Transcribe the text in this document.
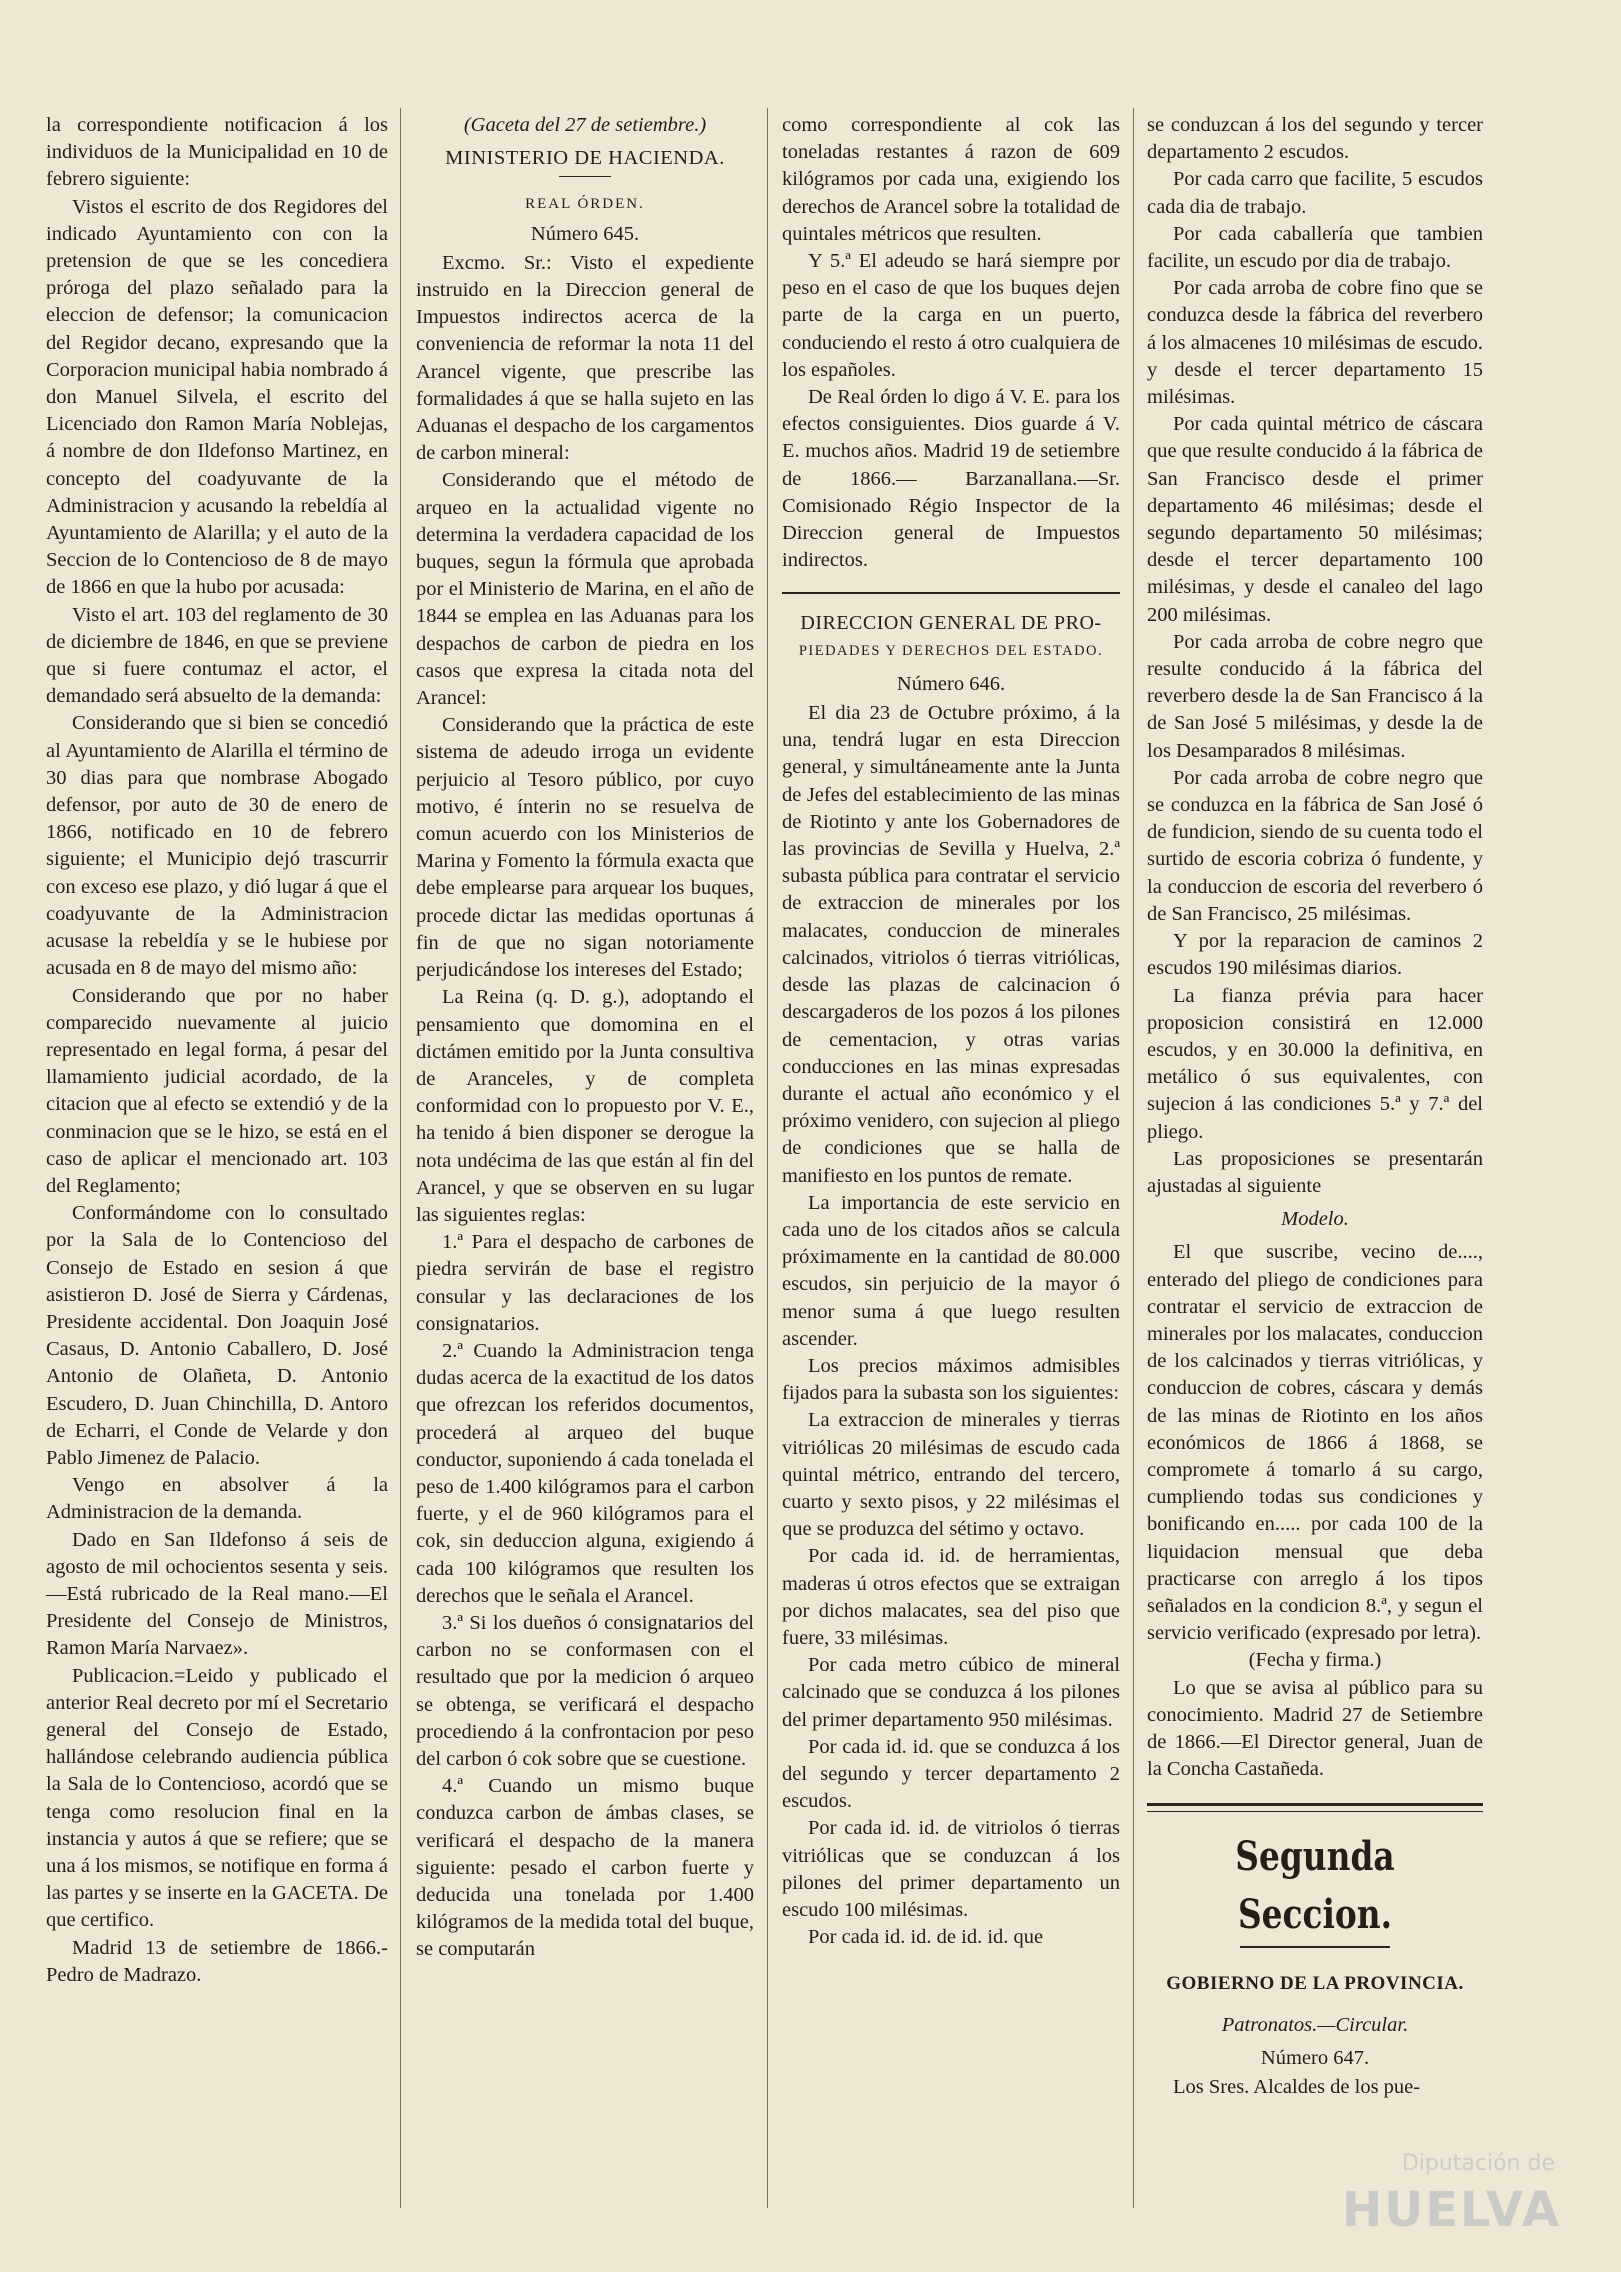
la correspondiente notificacion á los individuos de la Municipalidad en 10 de febrero siguiente:

Vistos el escrito de dos Regidores del indicado Ayuntamiento con con la pretension de que se les concediera próroga del plazo señalado para la eleccion de defensor; la comunicacion del Regidor decano, expresando que la Corporacion municipal habia nombrado á don Manuel Silvela, el escrito del Licenciado don Ramon María Noblejas, á nombre de don Ildefonso Martinez, en concepto del coadyuvante de la Administracion y acusando la rebeldía al Ayuntamiento de Alarilla; y el auto de la Seccion de lo Contencioso de 8 de mayo de 1866 en que la hubo por acusada:

Visto el art. 103 del reglamento de 30 de diciembre de 1846, en que se previene que si fuere contumaz el actor, el demandado será absuelto de la demanda:

Considerando que si bien se concedió al Ayuntamiento de Alarilla el término de 30 dias para que nombrase Abogado defensor, por auto de 30 de enero de 1866, notificado en 10 de febrero siguiente; el Municipio dejó trascurrir con exceso ese plazo, y dió lugar á que el coadyuvante de la Administracion acusase la rebeldía y se le hubiese por acusada en 8 de mayo del mismo año:

Considerando que por no haber comparecido nuevamente al juicio representado en legal forma, á pesar del llamamiento judicial acordado, de la citacion que al efecto se extendió y de la conminacion que se le hizo, se está en el caso de aplicar el mencionado art. 103 del Reglamento;

Conformándome con lo consultado por la Sala de lo Contencioso del Consejo de Estado en sesion á que asistieron D. José de Sierra y Cárdenas, Presidente accidental. Don Joaquin José Casaus, D. Antonio Caballero, D. José Antonio de Olañeta, D. Antonio Escudero, D. Juan Chinchilla, D. Antoro de Echarri, el Conde de Velarde y don Pablo Jimenez de Palacio.

Vengo en absolver á la Administracion de la demanda.

Dado en San Ildefonso á seis de agosto de mil ochocientos sesenta y seis.—Está rubricado de la Real mano.—El Presidente del Consejo de Ministros, Ramon María Narvaez».

Publicacion.=Leido y publicado el anterior Real decreto por mí el Secretario general del Consejo de Estado, hallándose celebrando audiencia pública la Sala de lo Contencioso, acordó que se tenga como resolucion final en la instancia y autos á que se refiere; que se una á los mismos, se notifique en forma á las partes y se inserte en la GACETA. De que certifico.

Madrid 13 de setiembre de 1866.- Pedro de Madrazo.

(Gaceta del 27 de setiembre.)

MINISTERIO DE HACIENDA.

REAL ÓRDEN.

Número 645.

Excmo. Sr.: Visto el expediente instruido en la Direccion general de Impuestos indirectos acerca de la conveniencia de reformar la nota 11 del Arancel vigente, que prescribe las formalidades á que se halla sujeto en las Aduanas el despacho de los cargamentos de carbon mineral:

Considerando que el método de arqueo en la actualidad vigente no determina la verdadera capacidad de los buques, segun la fórmula que aprobada por el Ministerio de Marina, en el año de 1844 se emplea en las Aduanas para los despachos de carbon de piedra en los casos que expresa la citada nota del Arancel:

Considerando que la práctica de este sistema de adeudo irroga un evidente perjuicio al Tesoro público, por cuyo motivo, é ínterin no se resuelva de comun acuerdo con los Ministerios de Marina y Fomento la fórmula exacta que debe emplearse para arquear los buques, procede dictar las medidas oportunas á fin de que no sigan notoriamente perjudicándose los intereses del Estado;

La Reina (q. D. g.), adoptando el pensamiento que domomina en el dictámen emitido por la Junta consultiva de Aranceles, y de completa conformidad con lo propuesto por V. E., ha tenido á bien disponer se derogue la nota undécima de las que están al fin del Arancel, y que se observen en su lugar las siguientes reglas:

1.ª Para el despacho de carbones de piedra servirán de base el registro consular y las declaraciones de los consignatarios.

2.ª Cuando la Administracion tenga dudas acerca de la exactitud de los datos que ofrezcan los referidos documentos, procederá al arqueo del buque conductor, suponiendo á cada tonelada el peso de 1.400 kilógramos para el carbon fuerte, y el de 960 kilógramos para el cok, sin deduccion alguna, exigiendo á cada 100 kilógramos que resulten los derechos que le señala el Arancel.

3.ª Si los dueños ó consignatarios del carbon no se conformasen con el resultado que por la medicion ó arqueo se obtenga, se verificará el despacho procediendo á la confrontacion por peso del carbon ó cok sobre que se cuestione.

4.ª Cuando un mismo buque conduzca carbon de ámbas clases, se verificará el despacho de la manera siguiente: pesado el carbon fuerte y deducida una tonelada por 1.400 kilógramos de la medida total del buque, se computarán

como correspondiente al cok las toneladas restantes á razon de 609 kilógramos por cada una, exigiendo los derechos de Arancel sobre la totalidad de quintales métricos que resulten.

Y 5.ª El adeudo se hará siempre por peso en el caso de que los buques dejen parte de la carga en un puerto, conduciendo el resto á otro cualquiera de los españoles.

De Real órden lo digo á V. E. para los efectos consiguientes. Dios guarde á V. E. muchos años. Madrid 19 de setiembre de 1866.— Barzanallana.—Sr. Comisionado Régio Inspector de la Direccion general de Impuestos indirectos.

DIRECCION GENERAL DE PRO-

PIEDADES Y DERECHOS DEL ESTADO.

Número 646.

El dia 23 de Octubre próximo, á la una, tendrá lugar en esta Direccion general, y simultáneamente ante la Junta de Jefes del establecimiento de las minas de Riotinto y ante los Gobernadores de las provincias de Sevilla y Huelva, 2.ª subasta pública para contratar el servicio de extraccion de minerales por los malacates, conduccion de minerales calcinados, vitriolos ó tierras vitriólicas, desde las plazas de calcinacion ó descargaderos de los pozos á los pilones de cementacion, y otras varias conducciones en las minas expresadas durante el actual año económico y el próximo venidero, con sujecion al pliego de condiciones que se halla de manifiesto en los puntos de remate.

La importancia de este servicio en cada uno de los citados años se calcula próximamente en la cantidad de 80.000 escudos, sin perjuicio de la mayor ó menor suma á que luego resulten ascender.

Los precios máximos admisibles fijados para la subasta son los siguientes:

La extraccion de minerales y tierras vitriólicas 20 milésimas de escudo cada quintal métrico, entrando del tercero, cuarto y sexto pisos, y 22 milésimas el que se produzca del sétimo y octavo.

Por cada id. id. de herramientas, maderas ú otros efectos que se extraigan por dichos malacates, sea del piso que fuere, 33 milésimas.

Por cada metro cúbico de mineral calcinado que se conduzca á los pilones del primer departamento 950 milésimas.

Por cada id. id. que se conduzca á los del segundo y tercer departamento 2 escudos.

Por cada id. id. de vitriolos ó tierras vitriólicas que se conduzcan á los pilones del primer departamento un escudo 100 milésimas.

Por cada id. id. de id. id. que

se conduzcan á los del segundo y tercer departamento 2 escudos.

Por cada carro que facilite, 5 escudos cada dia de trabajo.

Por cada caballería que tambien facilite, un escudo por dia de trabajo.

Por cada arroba de cobre fino que se conduzca desde la fábrica del reverbero á los almacenes 10 milésimas de escudo. y desde el tercer departamento 15 milésimas.

Por cada quintal métrico de cáscara que que resulte conducido á la fábrica de San Francisco desde el primer departamento 46 milésimas; desde el segundo departamento 50 milésimas; desde el tercer departamento 100 milésimas, y desde el canaleo del lago 200 milésimas.

Por cada arroba de cobre negro que resulte conducido á la fábrica del reverbero desde la de San Francisco á la de San José 5 milésimas, y desde la de los Desamparados 8 milésimas.

Por cada arroba de cobre negro que se conduzca en la fábrica de San José ó de fundicion, siendo de su cuenta todo el surtido de escoria cobriza ó fundente, y la conduccion de escoria del reverbero ó de San Francisco, 25 milésimas.

Y por la reparacion de caminos 2 escudos 190 milésimas diarios.

La fianza prévia para hacer proposicion consistirá en 12.000 escudos, y en 30.000 la definitiva, en metálico ó sus equivalentes, con sujecion á las condiciones 5.ª y 7.ª del pliego.

Las proposiciones se presentarán ajustadas al siguiente

Modelo.

El que suscribe, vecino de...., enterado del pliego de condiciones para contratar el servicio de extraccion de minerales por los malacates, conduccion de los calcinados y tierras vitriólicas, y conduccion de cobres, cáscara y demás de las minas de Riotinto en los años económicos de 1866 á 1868, se compromete á tomarlo á su cargo, cumpliendo todas sus condiciones y bonificando en..... por cada 100 de la liquidacion mensual que deba practicarse con arreglo á los tipos señalados en la condicion 8.ª, y segun el servicio verificado (expresado por letra).

(Fecha y firma.)

Lo que se avisa al público para su conocimiento. Madrid 27 de Setiembre de 1866.—El Director general, Juan de la Concha Castañeda.

Segunda Seccion.

GOBIERNO DE LA PROVINCIA.

Patronatos.—Circular.

Número 647.

Los Sres. Alcaldes de los pue-

Diputación de
HUELVA
